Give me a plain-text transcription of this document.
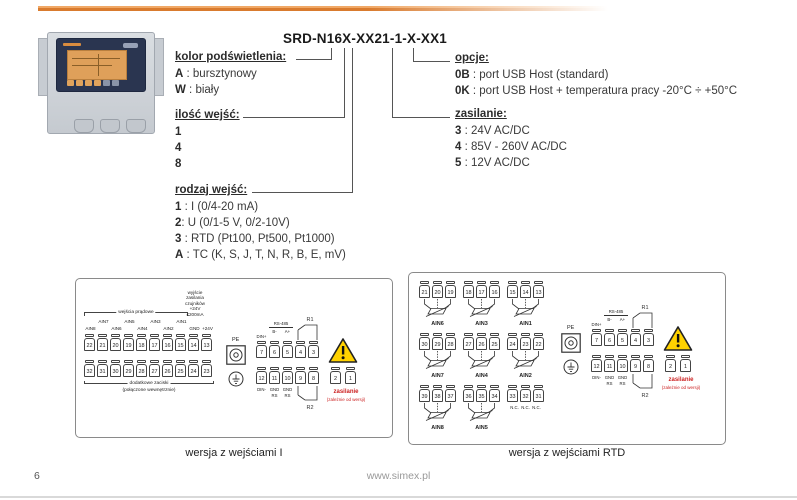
SRD-N16X-XX21-1-X-XX1
kolor podświetlenia:
A : bursztynowy
W : biały
ilość wejść:
1
4
8
rodzaj wejść:
1 : I (0/4-20 mA)
2: U (0/1-5 V, 0/2-10V)
3 : RTD (Pt100, Pt500, Pt1000)
A : TC (K, S, J, T, N, R, B, E, mV)
opcje:
0B : port USB Host (standard)
0K : port USB Host + temperatura pracy -20°C ÷ +50°C
zasilanie:
3 : 24V AC/DC
4 : 85V - 260V AC/DC
5 : 12V AC/DC
wejścia prądowe
wyjście
zasilania
czujników
+24V
≤200mA
AIN7	AIN5	AIN3	AIN1
AIN8	AIN6	AIN4	AIN2	GND +24V
22	21	20	19	18	17	16	15	14	13
32	31	30	29	28	27	26	25	24	23
dodatkowe zaciski
(połączone wewnętrznie)
PE
DIN+
RS-485
B-	A+
R1
7	6	5	4	3
12	11	10	9	8
DIN- GND
RS
GND
RS
R2
2	1
zasilanie
(zależnie od wersji)
wersja z wejściami I
21	20	19
AIN6
18	17	16
AIN3
15	14	13
AIN1
30	29	28
AIN7
27	26	25
AIN4
24	23	22
AIN2
39	38	37
AIN8
36	35	34
AIN5
33	32	31
N.C.  N.C.  N.C.
PE
DIN+
RS-485
B-	A+
R1
7	6	5	4	3
12	11	10	9	8
DIN- GND
RS
GND
RS
R2
2	1
zasilanie
(zależnie od wersji)
wersja z wejściami RTD
6	www.simex.pl
